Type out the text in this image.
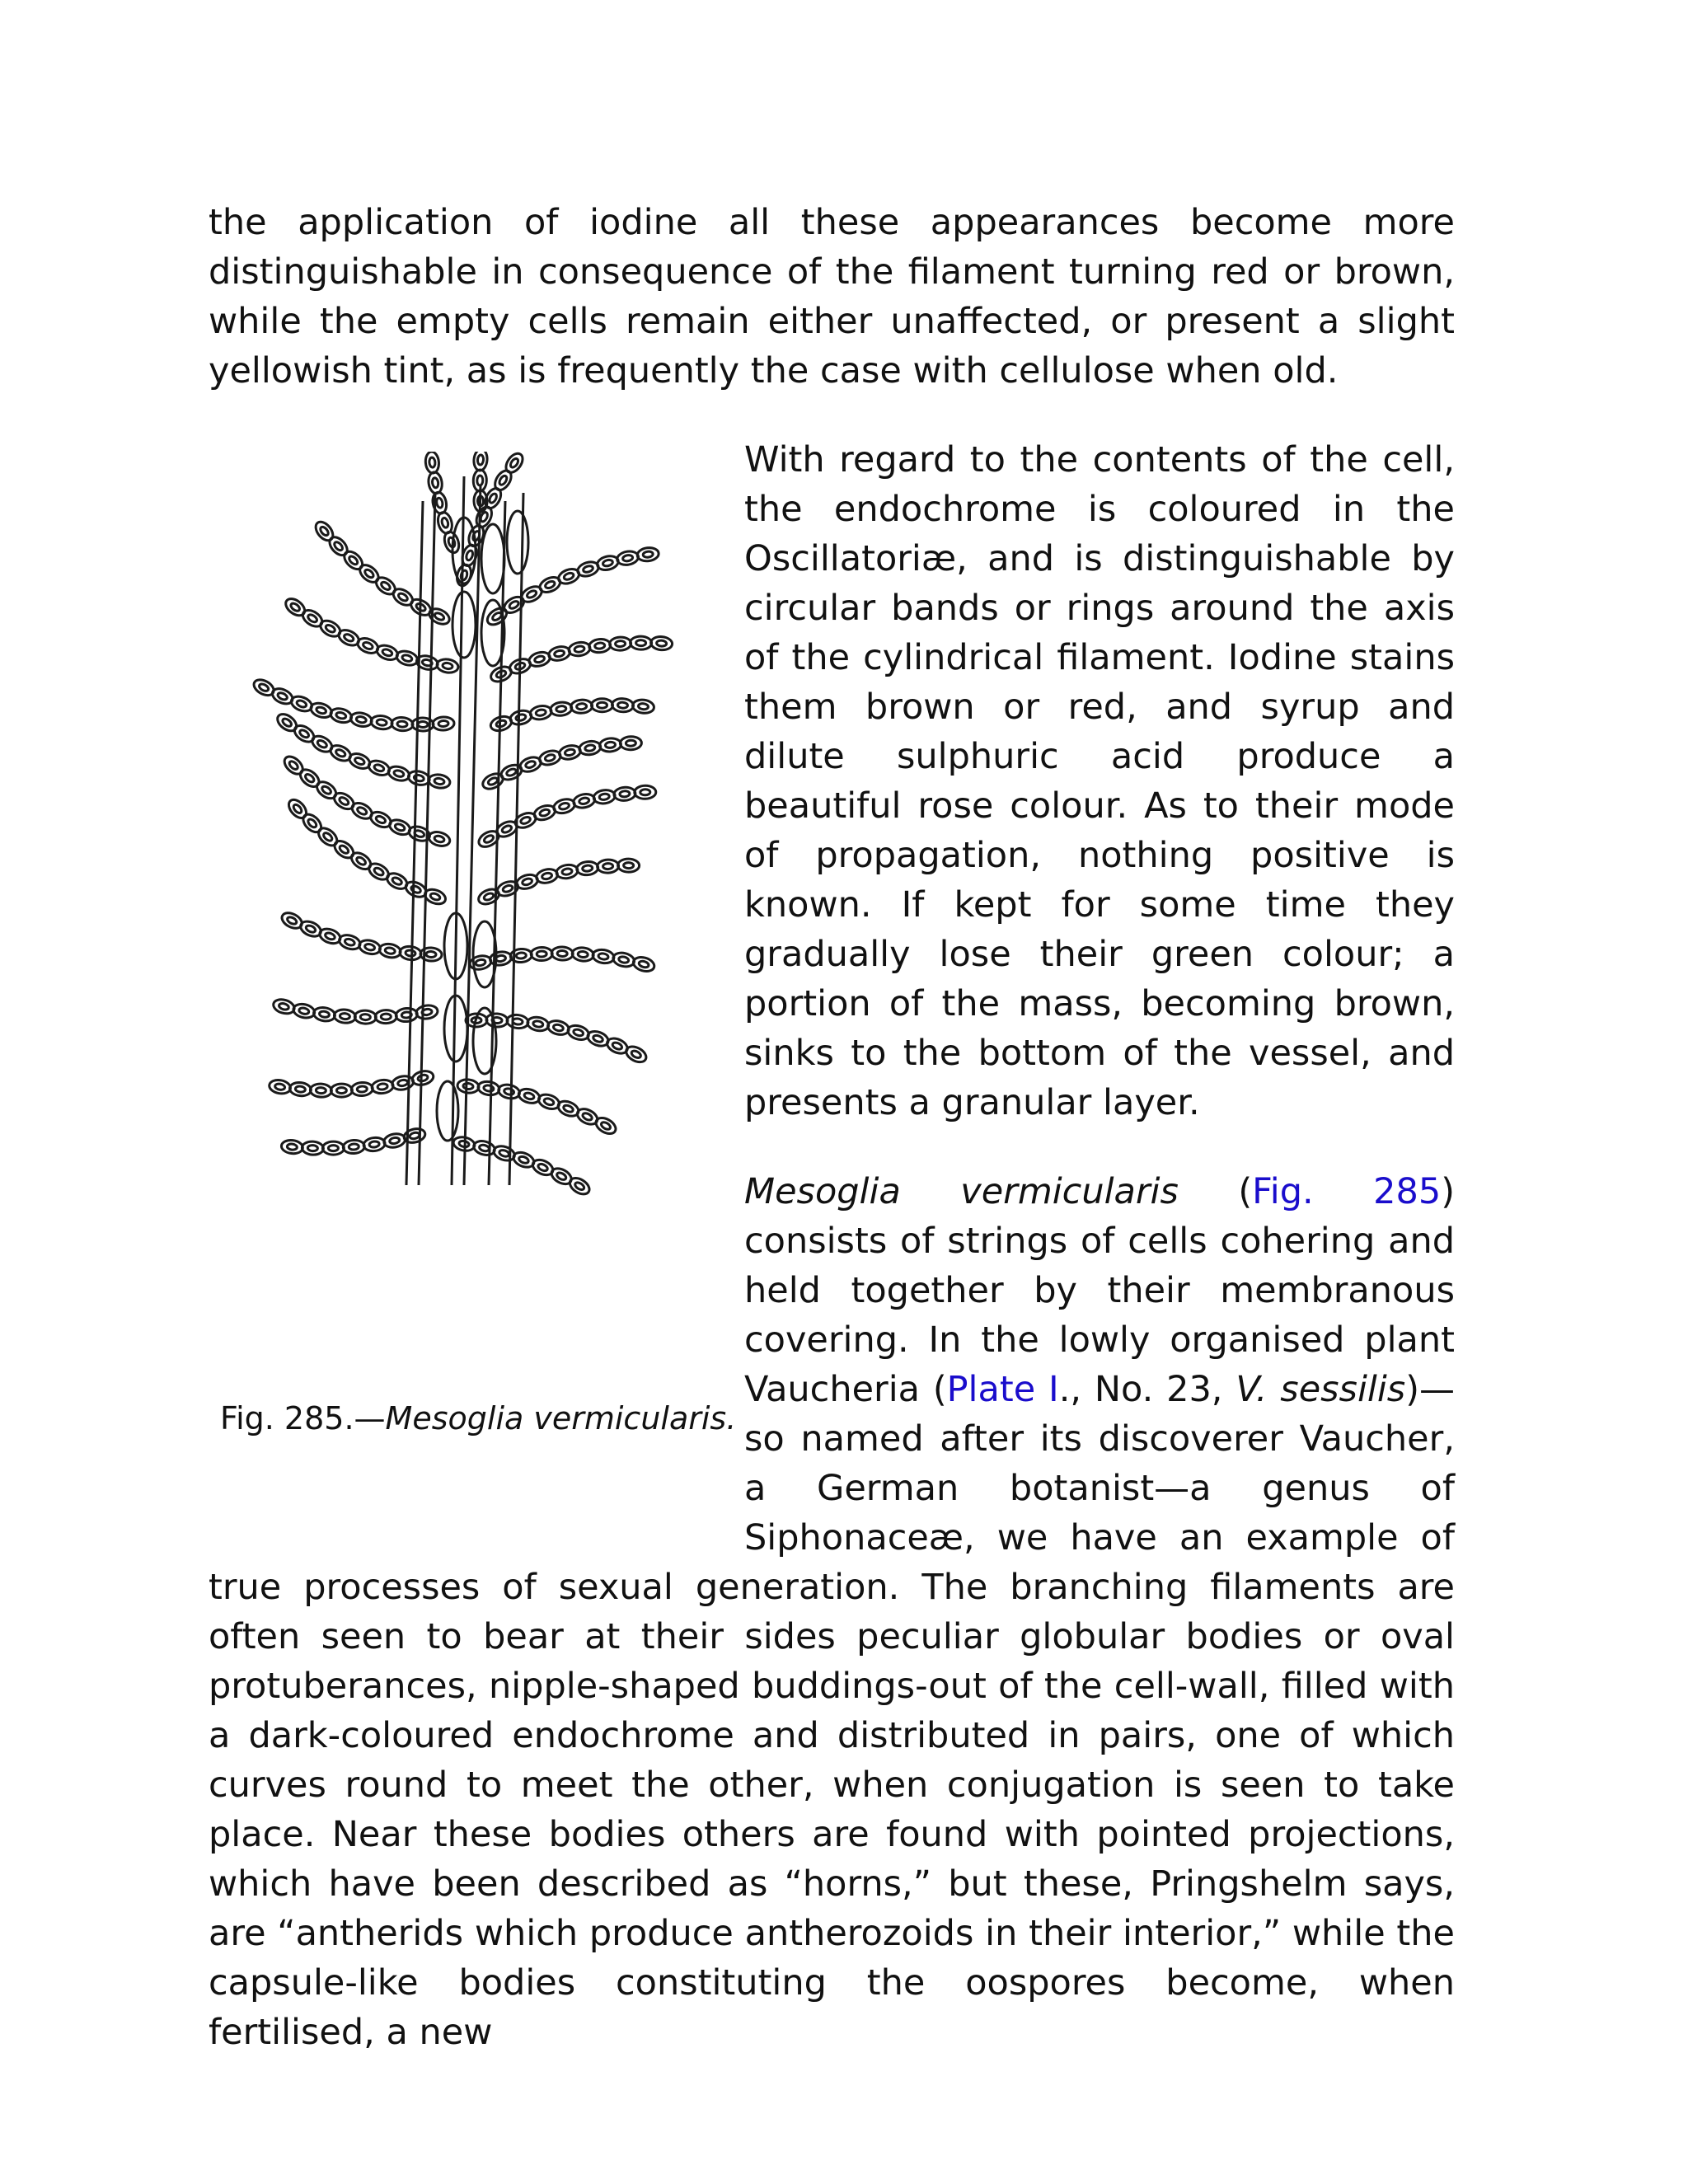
the application of iodine all these appearances become more distinguishable in consequence of the filament turning red or brown, while the empty cells remain either unaffected, or present a slight yellowish tint, as is frequently the case with cellulose when old.

Fig. 285.—Mesoglia vermicularis.
With regard to the contents of the cell, the endochrome is coloured in the Oscillatoriæ, and is distinguishable by circular bands or rings around the axis of the cylindrical filament. Iodine stains them brown or red, and syrup and dilute sulphuric acid produce a beautiful rose colour. As to their mode of propagation, nothing positive is known. If kept for some time they gradually lose their green colour; a portion of the mass, becoming brown, sinks to the bottom of the vessel, and presents a granular layer.

Mesoglia vermicularis (Fig. 285) consists of strings of cells cohering and held together by their membranous covering. In the lowly organised plant Vaucheria (Plate I., No. 23, V. sessilis)—so named after its discoverer Vaucher, a German botanist—a genus of Siphonaceæ, we have an example of true processes of sexual generation. The branching filaments are often seen to bear at their sides peculiar globular bodies or oval protuberances, nipple-shaped buddings-out of the cell-wall, filled with a dark-coloured endochrome and distributed in pairs, one of which curves round to meet the other, when conjugation is seen to take place. Near these bodies others are found with pointed projections, which have been described as “horns,” but these, Pringshelm says, are “antherids which produce antherozoids in their interior,” while the capsule-like bodies constituting the oospores become, when fertilised, a new
